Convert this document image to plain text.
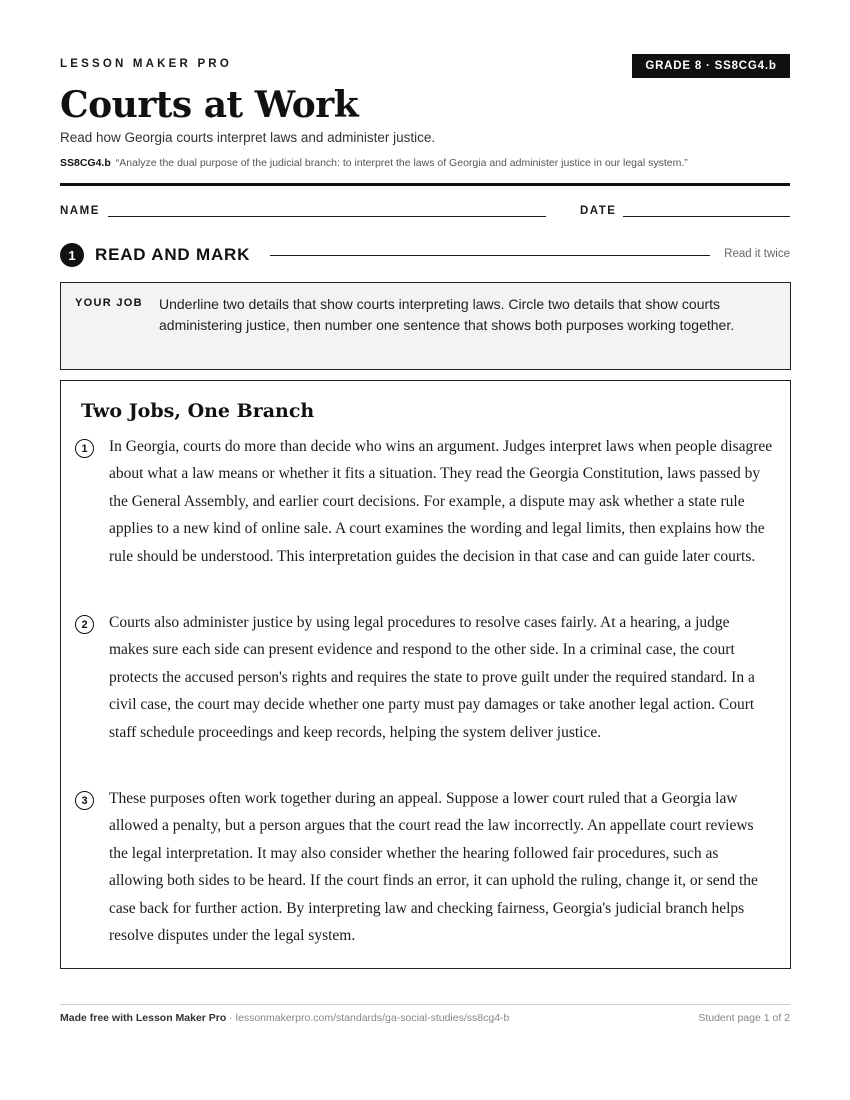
LESSON MAKER PRO	GRADE 8 · SS8CG4.b
Courts at Work
Read how Georgia courts interpret laws and administer justice.
SS8CG4.b “Analyze the dual purpose of the judicial branch: to interpret the laws of Georgia and administer justice in our legal system.”
NAME	DATE
1	READ AND MARK	Read it twice
YOUR JOB Underline two details that show courts interpreting laws. Circle two details that show courts administering justice, then number one sentence that shows both purposes working together.
Two Jobs, One Branch
1	In Georgia, courts do more than decide who wins an argument. Judges interpret laws when people disagree about what a law means or whether it fits a situation. They read the Georgia Constitution, laws passed by the General Assembly, and earlier court decisions. For example, a dispute may ask whether a state rule applies to a new kind of online sale. A court examines the wording and legal limits, then explains how the rule should be understood. This interpretation guides the decision in that case and can guide later courts.

2	Courts also administer justice by using legal procedures to resolve cases fairly. At a hearing, a judge makes sure each side can present evidence and respond to the other side. In a criminal case, the court protects the accused person's rights and requires the state to prove guilt under the required standard. In a civil case, the court may decide whether one party must pay damages or take another legal action. Court staff schedule proceedings and keep records, helping the system deliver justice.

3	These purposes often work together during an appeal. Suppose a lower court ruled that a Georgia law allowed a penalty, but a person argues that the court read the law incorrectly. An appellate court reviews the legal interpretation. It may also consider whether the hearing followed fair procedures, such as allowing both sides to be heard. If the court finds an error, it can uphold the ruling, change it, or send the case back for further action. By interpreting law and checking fairness, Georgia's judicial branch helps resolve disputes under the legal system.

Made free with Lesson Maker Pro · lessonmakerpro.com/standards/ga-social-studies/ss8cg4-b	Student page 1 of 2
